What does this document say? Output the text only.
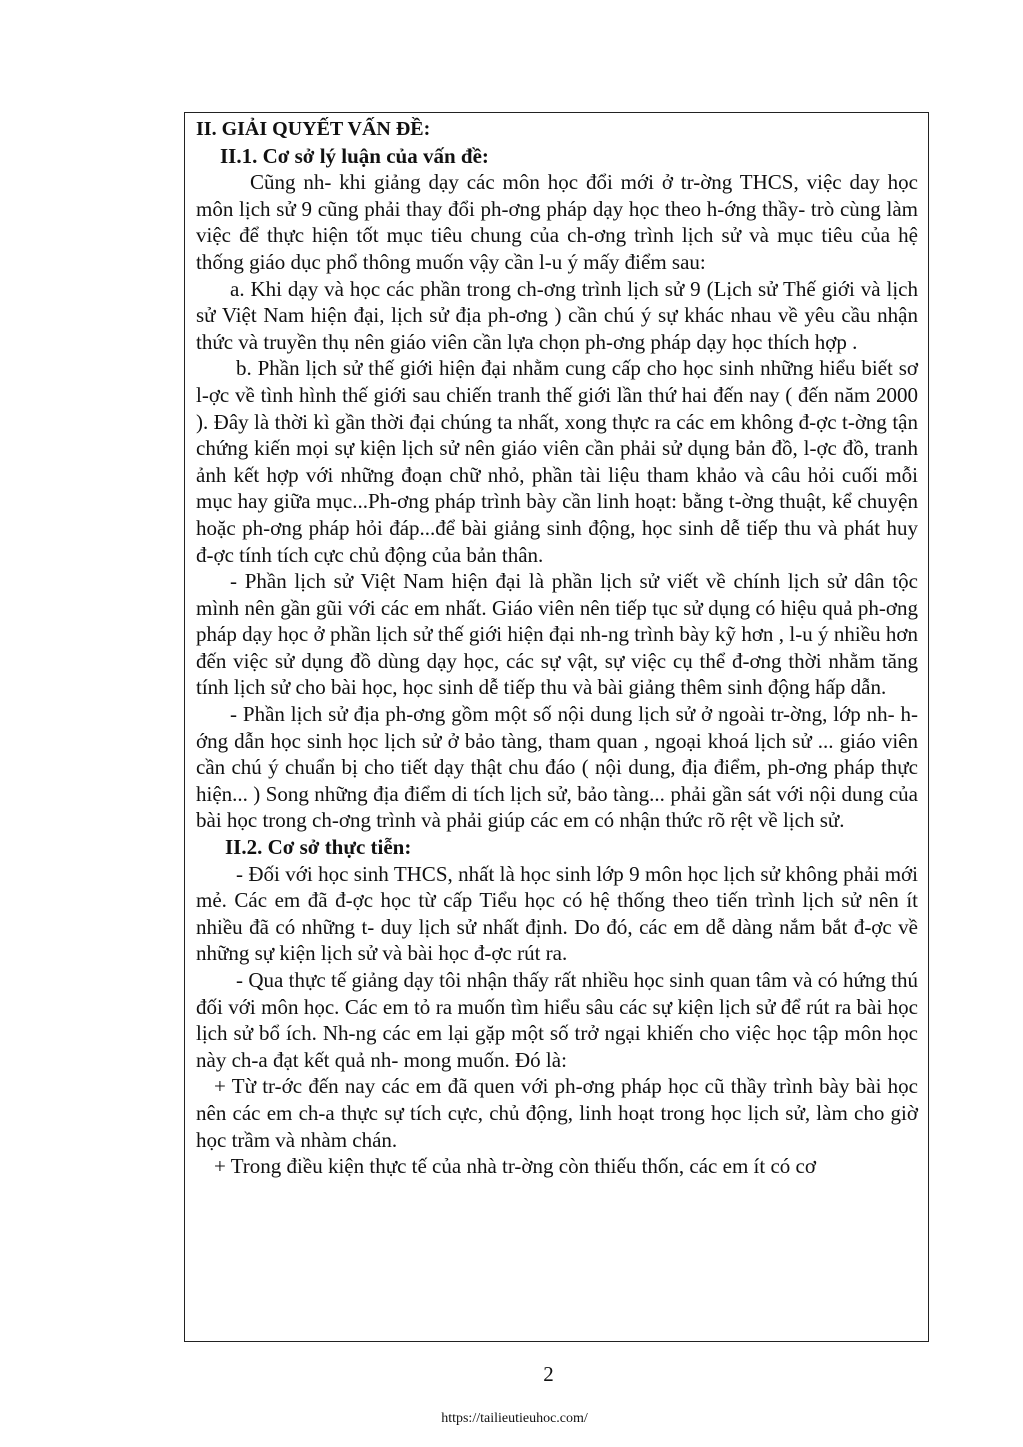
II. GIẢI QUYẾT VẤN ĐỀ:

II.1. Cơ sở lý luận của vấn đề:

Cũng nh- khi giảng dạy các môn học đổi mới ở tr-ờng THCS, việc day học môn lịch sử 9 cũng phải thay đổi ph-ơng pháp dạy học theo h-ớng thầy- trò cùng làm việc để thực hiện tốt mục tiêu chung của ch-ơng trình lịch sử và mục tiêu của hệ thống giáo dục phổ thông muốn vậy cần l-u ý mấy điểm sau:

a. Khi dạy và học các phần trong ch-ơng trình lịch sử 9 (Lịch sử Thế giới và lịch sử Việt Nam hiện đại, lịch sử địa ph-ơng ) cần chú ý sự khác nhau về yêu cầu nhận thức và truyền thụ nên giáo viên cần lựa chọn ph-ơng pháp dạy học thích hợp .

b. Phần lịch sử thế giới hiện đại nhằm cung cấp cho học sinh những hiểu biết sơ l-ợc về tình hình thế giới sau chiến tranh thế giới lần thứ hai đến nay ( đến năm 2000 ). Đây là thời kì gần thời đại chúng ta nhất, xong thực ra các em không đ-ợc t-ờng tận chứng kiến mọi sự kiện lịch sử nên giáo viên cần phải sử dụng bản đồ, l-ợc đồ, tranh ảnh kết hợp với những đoạn chữ nhỏ, phần tài liệu tham khảo và câu hỏi cuối mỗi mục hay giữa mục...Ph-ơng pháp trình bày cần linh hoạt: bằng t-ờng thuật, kể chuyện hoặc ph-ơng pháp hỏi đáp...để bài giảng sinh động, học sinh dễ tiếp thu và phát huy đ-ợc tính tích cực chủ động của bản thân.

- Phần lịch sử Việt Nam hiện đại là phần lịch sử viết về chính lịch sử dân tộc mình nên gần gũi với các em nhất. Giáo viên nên tiếp tục sử dụng có hiệu quả ph-ơng pháp dạy học ở phần lịch sử thế giới hiện đại nh-ng trình bày kỹ hơn , l-u ý nhiều hơn đến việc sử dụng đồ dùng dạy học, các sự vật, sự việc cụ thể đ-ơng thời nhằm tăng tính lịch sử cho bài học, học sinh dễ tiếp thu và bài giảng thêm sinh động hấp dẫn.

- Phần lịch sử địa ph-ơng gồm một số nội dung lịch sử ở ngoài tr-ờng, lớp nh- h-ớng dẫn học sinh học lịch sử ở bảo tàng, tham quan , ngoại khoá lịch sử ... giáo viên cần chú ý chuẩn bị cho tiết dạy thật chu đáo ( nội dung, địa điểm, ph-ơng pháp thực hiện... ) Song những địa điểm di tích lịch sử, bảo tàng... phải gần sát với nội dung của bài học trong ch-ơng trình và phải giúp các em có nhận thức rõ rệt về lịch sử.

II.2. Cơ sở thực tiễn:

- Đối với học sinh THCS, nhất là học sinh lớp 9 môn học lịch sử không phải mới mẻ. Các em đã đ-ợc học từ cấp Tiểu học có hệ thống theo tiến trình lịch sử nên ít nhiều đã có những t- duy lịch sử nhất định. Do đó, các em dễ dàng nắm bắt đ-ợc về những sự kiện lịch sử và bài học đ-ợc rút ra.

- Qua thực tế giảng dạy tôi nhận thấy rất nhiều học sinh quan tâm và có hứng thú đối với môn học. Các em tỏ ra muốn tìm hiểu sâu các sự kiện lịch sử để rút ra bài học lịch sử bổ ích. Nh-ng các em lại gặp một số trở ngại khiến cho việc học tập môn học này ch-a đạt kết quả nh- mong muốn. Đó là:

+ Từ tr-ớc đến nay các em đã quen với ph-ơng pháp học cũ thầy trình bày bài học nên các em ch-a thực sự tích cực, chủ động, linh hoạt trong học lịch sử, làm cho giờ học trầm và nhàm chán.

+ Trong điều kiện thực tế của nhà tr-ờng còn thiếu thốn, các em ít có cơ

2
https://tailieutieuhoc.com/
